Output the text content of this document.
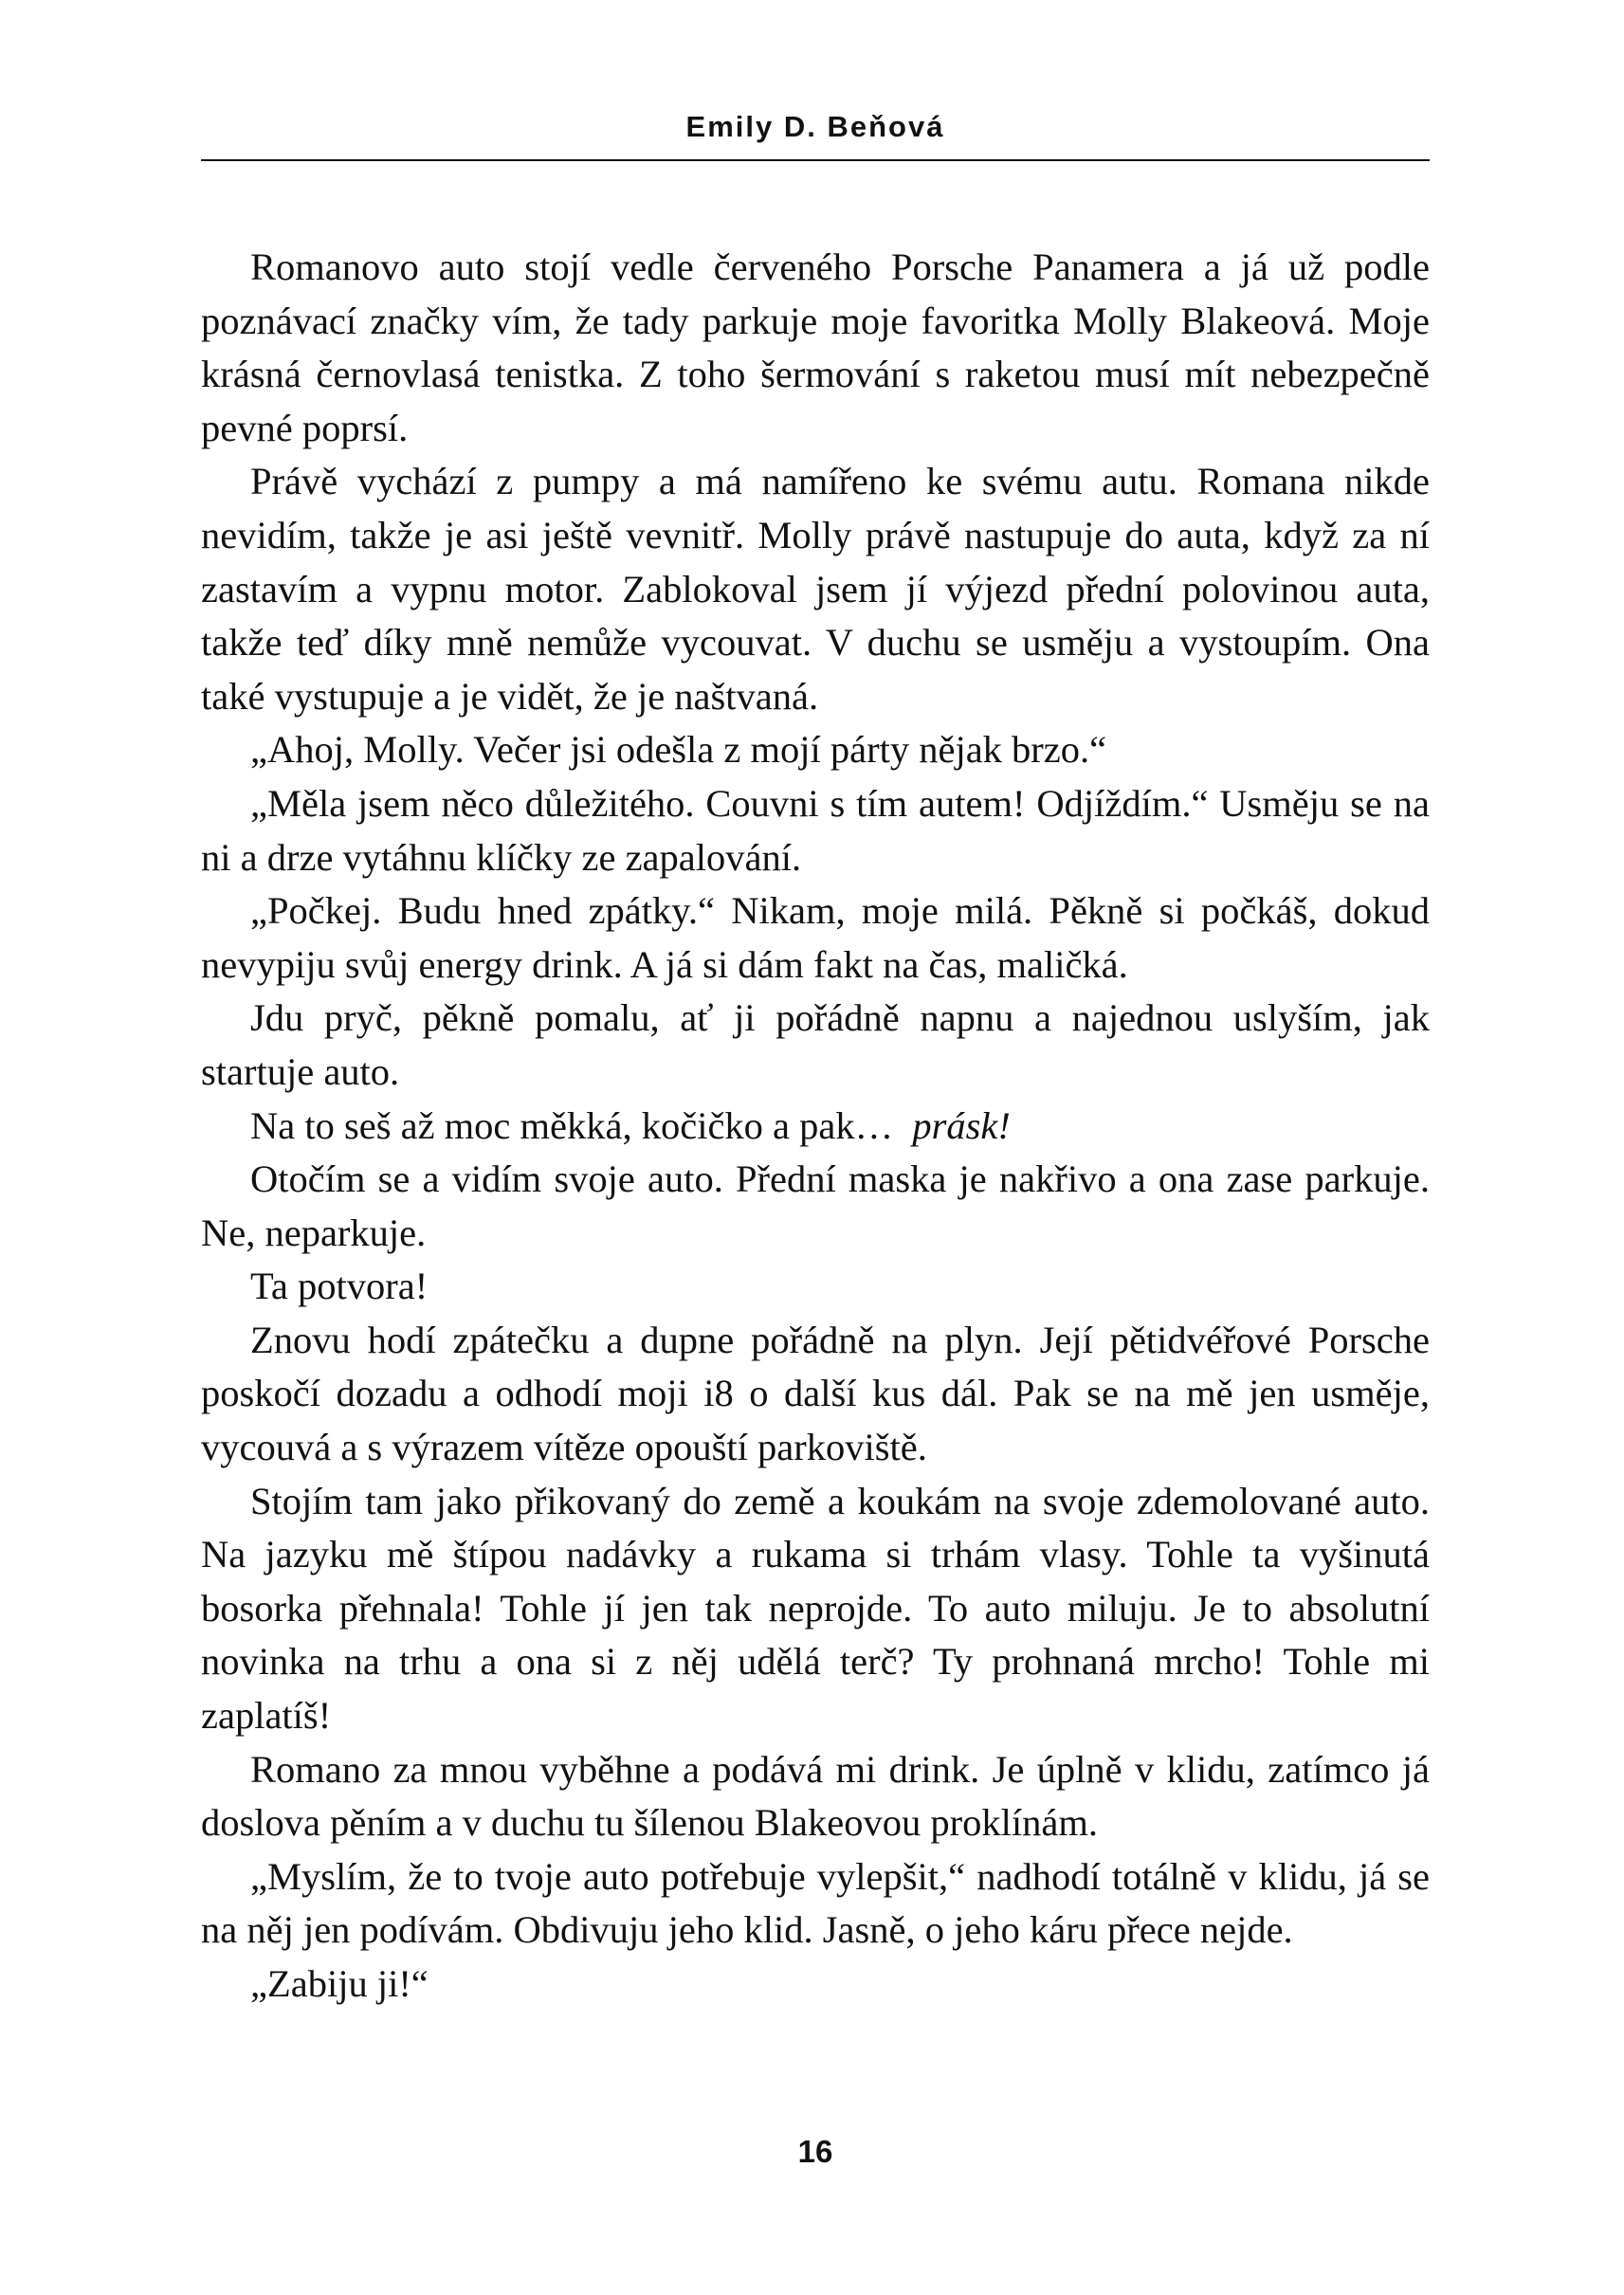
Emily D. Beňová

Romanovo auto stojí vedle červeného Porsche Panamera a já už podle poznávací značky vím, že tady parkuje moje favoritka Molly Blakeová. Moje krásná černovlasá tenistka. Z toho šermování s raketou musí mít nebezpečně pevné poprsí.

Právě vychází z pumpy a má namířeno ke svému autu. Romana nikde nevidím, takže je asi ještě vevnitř. Molly právě nastupuje do auta, když za ní zastavím a vypnu motor. Zablokoval jsem jí výjezd přední polovinou auta, takže teď díky mně nemůže vycouvat. V duchu se usměju a vystoupím. Ona také vystupuje a je vidět, že je naštvaná.

„Ahoj, Molly. Večer jsi odešla z mojí párty nějak brzo.“

„Měla jsem něco důležitého. Couvni s tím autem! Odjíždím.“ Usměju se na ni a drze vytáhnu klíčky ze zapalování.

„Počkej. Budu hned zpátky.“ Nikam, moje milá. Pěkně si počkáš, dokud nevypiju svůj energy drink. A já si dám fakt na čas, maličká.

Jdu pryč, pěkně pomalu, ať ji pořádně napnu a najednou uslyším, jak startuje auto.

Na to seš až moc měkká, kočičko a pak… prásk!

Otočím se a vidím svoje auto. Přední maska je nakřivo a ona zase parkuje. Ne, neparkuje.

Ta potvora!

Znovu hodí zpátečku a dupne pořádně na plyn. Její pětidvéřové Porsche poskočí dozadu a odhodí moji i8 o další kus dál. Pak se na mě jen usměje, vycouvá a s výrazem vítěze opouští parkoviště.

Stojím tam jako přikovaný do země a koukám na svoje zdemolované auto. Na jazyku mě štípou nadávky a rukama si trhám vlasy. Tohle ta vyšinutá bosorka přehnala! Tohle jí jen tak neprojde. To auto miluju. Je to absolutní novinka na trhu a ona si z něj udělá terč? Ty prohnaná mrcho! Tohle mi zaplatíš!

Romano za mnou vyběhne a podává mi drink. Je úplně v klidu, zatímco já doslova pěním a v duchu tu šílenou Blakeovou proklínám.

„Myslím, že to tvoje auto potřebuje vylepšit,“ nadhodí totálně v klidu, já se na něj jen podívám. Obdivuju jeho klid. Jasně, o jeho káru přece nejde.

„Zabiju ji!“

16
